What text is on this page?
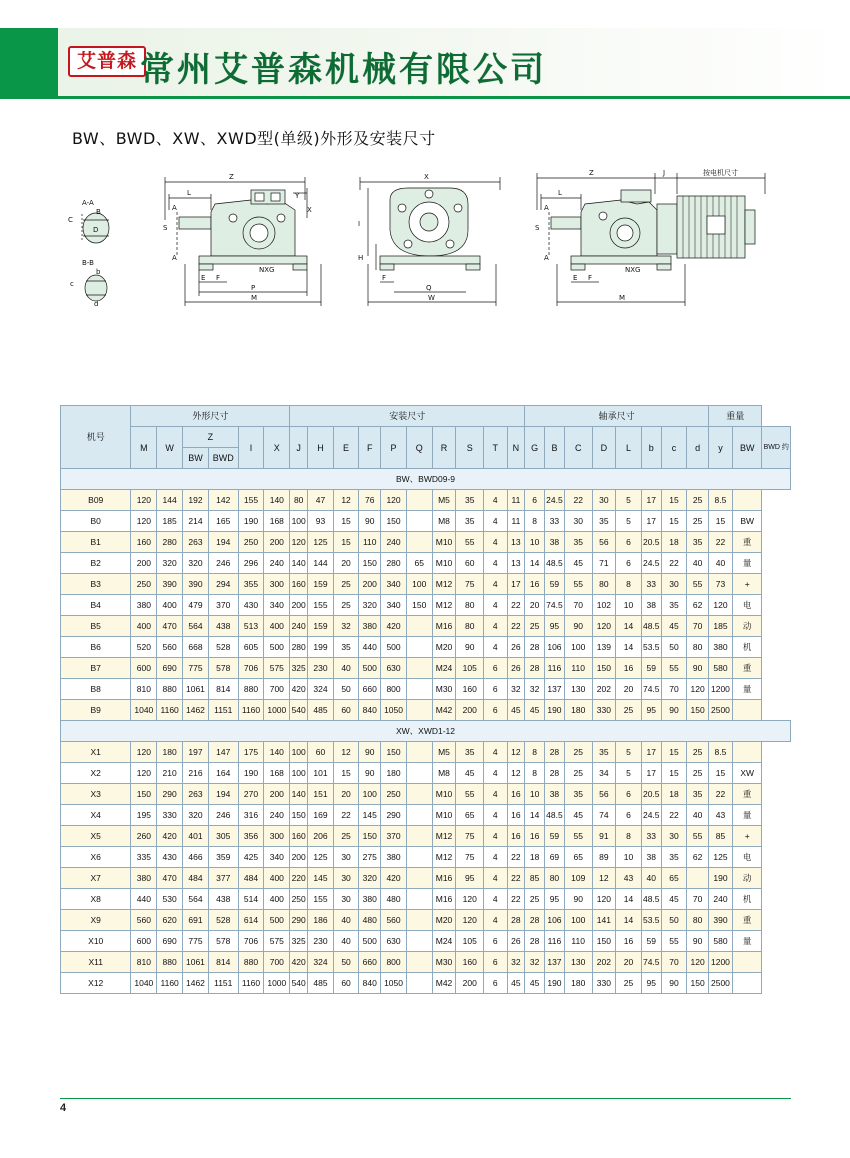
艾普森 常州艾普森机械有限公司
BW、BWD、XW、XWD型(单级)外形及安装尺寸
A-A
C
D
B
B-B
c
d
b
Z
L
A
A
S
Y
X
NXG
E F
P
M
X
I
H
F
Q
W
Z	J	按电机尺寸
L
A
A
S
NXG
E F
M
机号	外形尺寸						安装尺寸										轴承尺寸								重量		
	M	W	Z		I	X	J	H	E	F	P	Q	R	S	T	N	G	B	C	D	L	b	c	d	y	BW	BWD 约
			BW	BWD																							
BW、BWD09-9																											
B09	120	144	192	142	155	140	80	47	12	76	120		M5	35	4	11	6	24.5	22	30	5	17	15	25	8.5		
B0	120	185	214	165	190	168	100	93	15	90	150		M8	35	4	11	8	33	30	35	5	17	15	25	15	BW	
B1	160	280	263	194	250	200	120	125	15	110	240		M10	55	4	13	10	38	35	56	6	20.5	18	35	22	重	
B2	200	320	320	246	296	240	140	144	20	150	280	65	M10	60	4	13	14	48.5	45	71	6	24.5	22	40	40	量	
B3	250	390	390	294	355	300	160	159	25	200	340	100	M12	75	4	17	16	59	55	80	8	33	30	55	73	+	
B4	380	400	479	370	430	340	200	155	25	320	340	150	M12	80	4	22	20	74.5	70	102	10	38	35	62	120	电	
B5	400	470	564	438	513	400	240	159	32	380	420		M16	80	4	22	25	95	90	120	14	48.5	45	70	185	动	
B6	520	560	668	528	605	500	280	199	35	440	500		M20	90	4	26	28	106	100	139	14	53.5	50	80	380	机	
B7	600	690	775	578	706	575	325	230	40	500	630		M24	105	6	26	28	116	110	150	16	59	55	90	580	重	
B8	810	880	1061	814	880	700	420	324	50	660	800		M30	160	6	32	32	137	130	202	20	74.5	70	120	1200	量	
B9	1040	1160	1462	1151	1160	1000	540	485	60	840	1050		M42	200	6	45	45	190	180	330	25	95	90	150	2500		
XW、XWD1-12																											
X1	120	180	197	147	175	140	100	60	12	90	150		M5	35	4	12	8	28	25	35	5	17	15	25	8.5		
X2	120	210	216	164	190	168	100	101	15	90	180		M8	45	4	12	8	28	25	34	5	17	15	25	15	XW	
X3	150	290	263	194	270	200	140	151	20	100	250		M10	55	4	16	10	38	35	56	6	20.5	18	35	22	重	
X4	195	330	320	246	316	240	150	169	22	145	290		M10	65	4	16	14	48.5	45	74	6	24.5	22	40	43	量	
X5	260	420	401	305	356	300	160	206	25	150	370		M12	75	4	16	16	59	55	91	8	33	30	55	85	+	
X6	335	430	466	359	425	340	200	125	30	275	380		M12	75	4	22	18	69	65	89	10	38	35	62	125	电	
X7	380	470	484	377	484	400	220	145	30	320	420		M16	95	4	22	85	80	109	12	43	40	65		190	动	
X8	440	530	564	438	514	400	250	155	30	380	480		M16	120	4	22	25	95	90	120	14	48.5	45	70	240	机	
X9	560	620	691	528	614	500	290	186	40	480	560		M20	120	4	28	28	106	100	141	14	53.5	50	80	390	重	
X10	600	690	775	578	706	575	325	230	40	500	630		M24	105	6	26	28	116	110	150	16	59	55	90	580	量	
X11	810	880	1061	814	880	700	420	324	50	660	800		M30	160	6	32	32	137	130	202	20	74.5	70	120	1200		
X12	1040	1160	1462	1151	1160	1000	540	485	60	840	1050		M42	200	6	45	45	190	180	330	25	95	90	150	2500		
4
